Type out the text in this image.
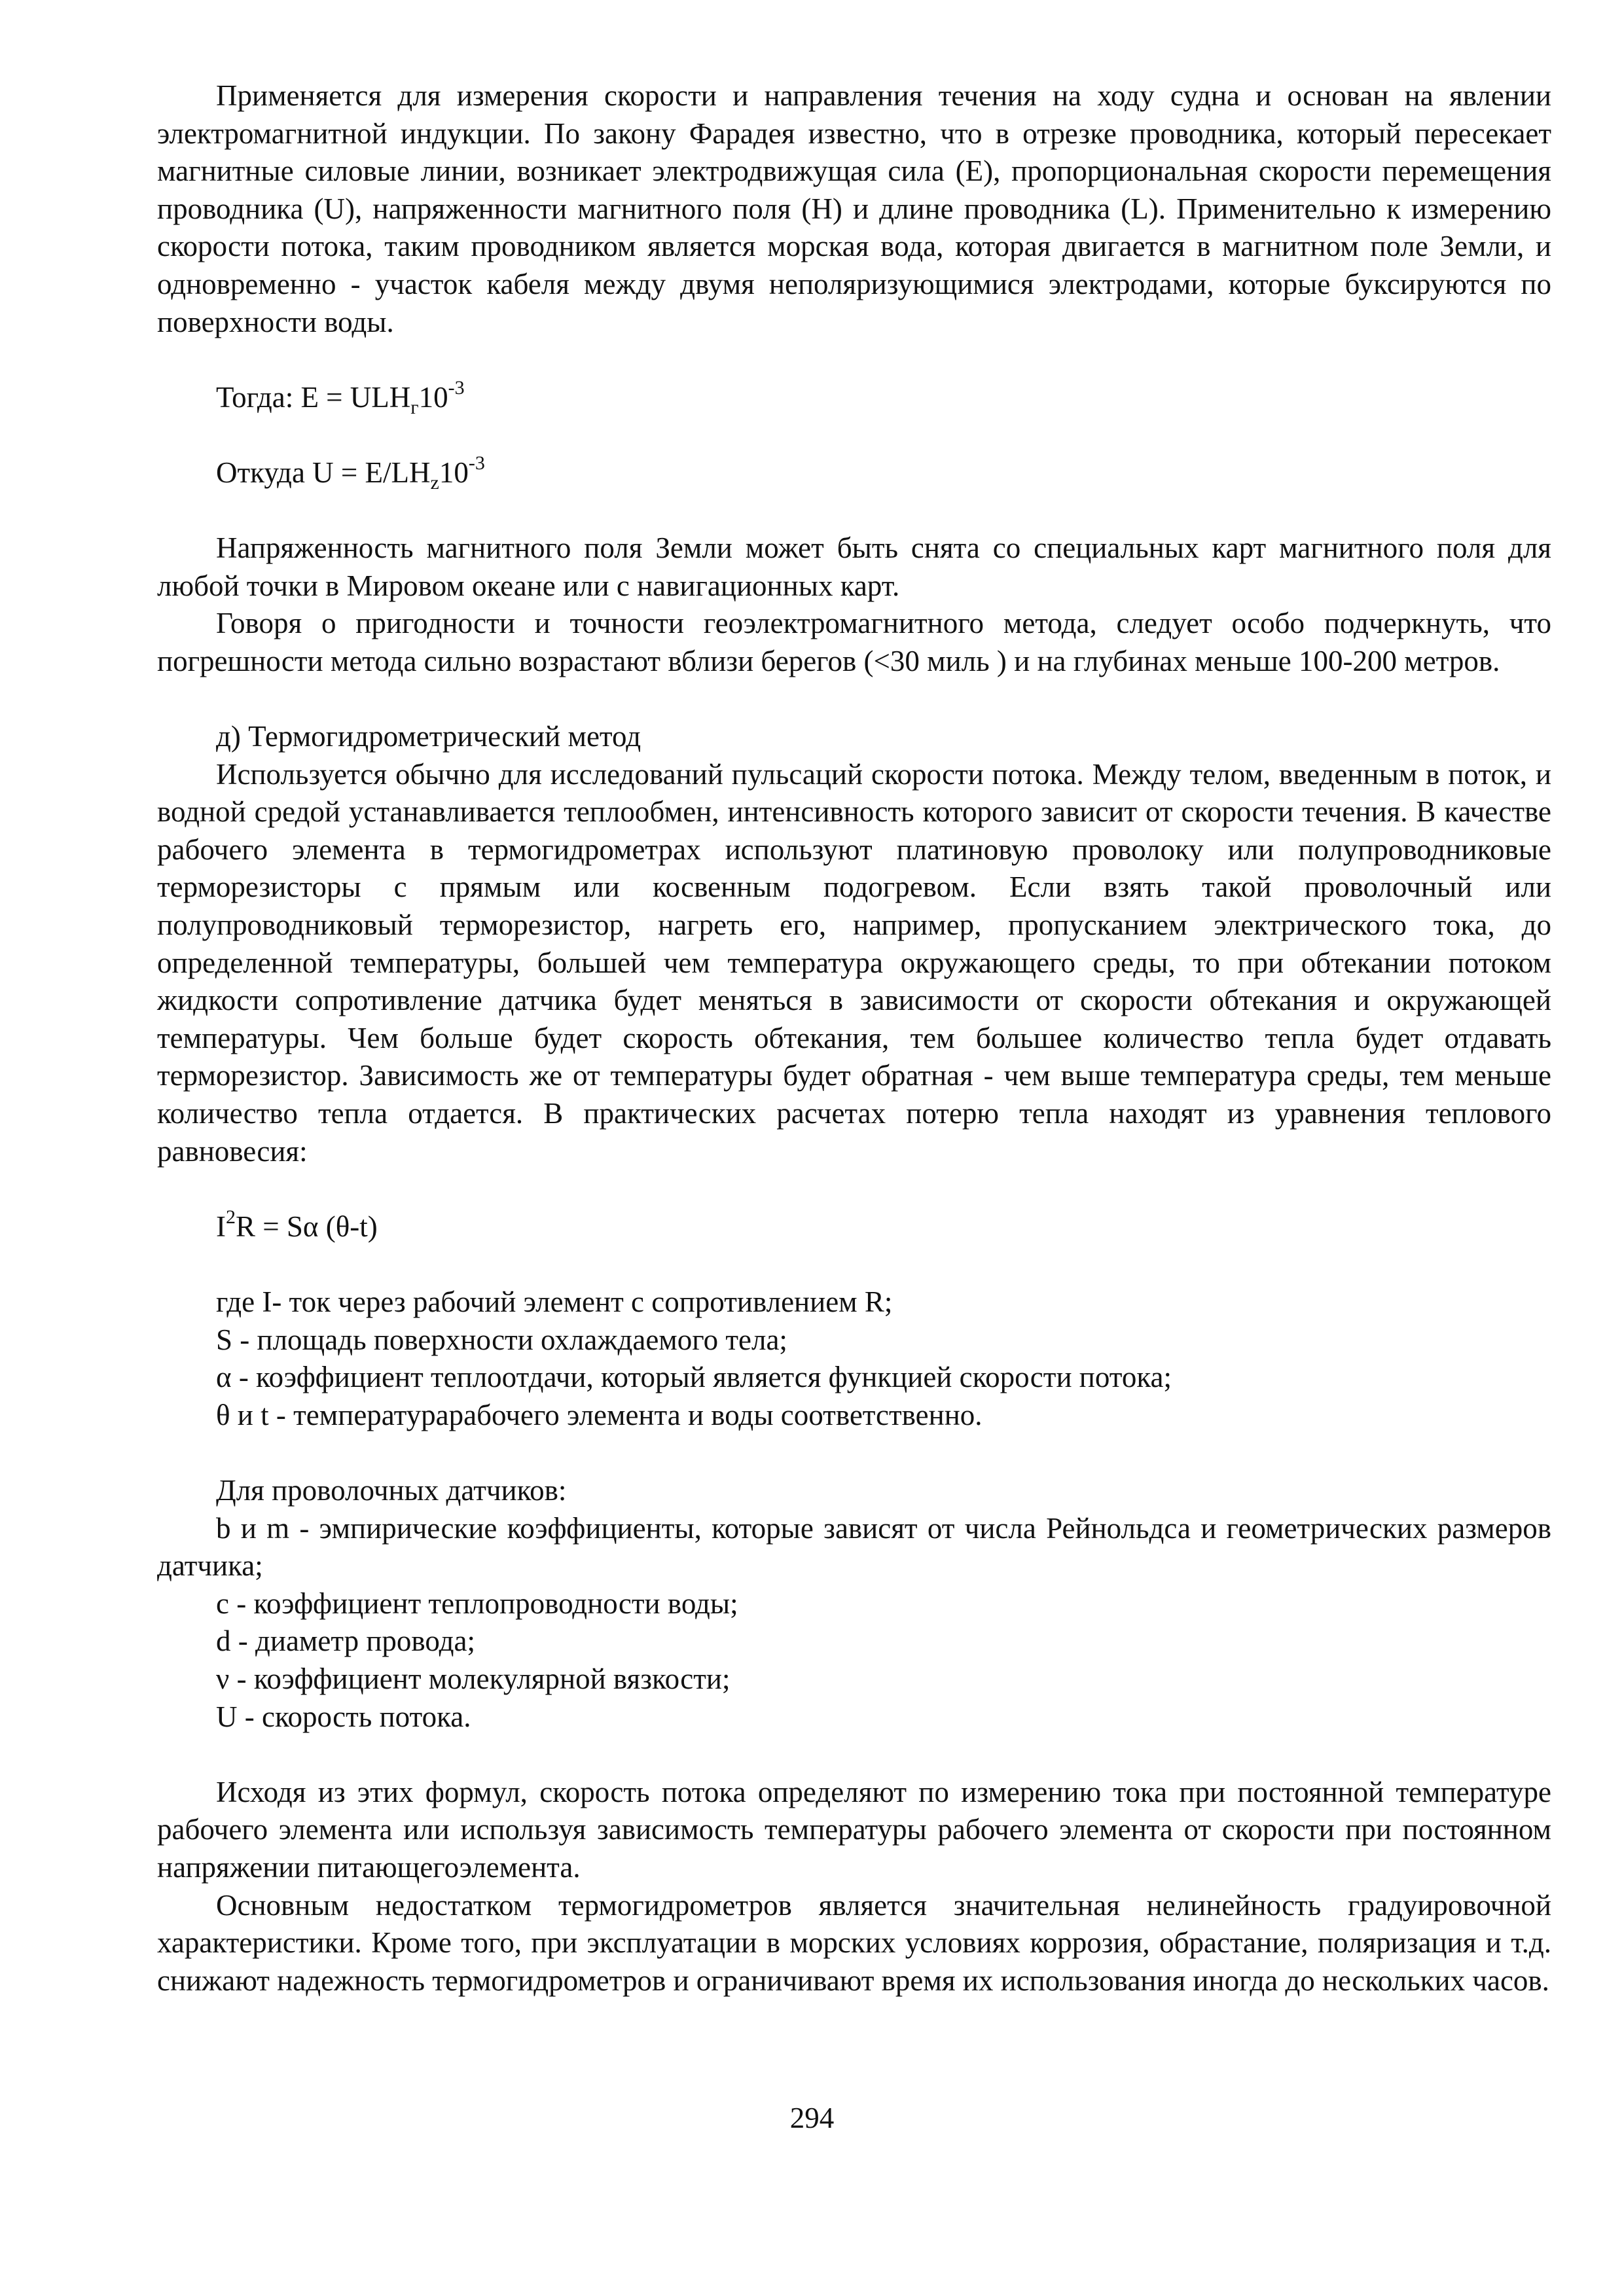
Применяется для измерения скорости и направления течения на ходу судна и основан на явлении электромагнитной индукции. По закону Фарадея известно, что в отрезке проводника, который пересекает магнитные силовые линии, возникает электродвижущая сила (Е), пропорциональная скорости перемещения проводника (U), напряженности магнитного поля (Н) и длине проводника (L). Применительно к измерению скорости потока, таким проводником является морская вода, которая двигается в магнитном поле Земли, и одновременно - участок кабеля между двумя неполяризующимися электродами, которые буксируются по поверхности воды.

Тогда: $Е = ULH_г10^{-3}$

Откуда $U = E/LH_z10^{-3}$

Напряженность магнитного поля Земли может быть снята со специальных карт магнитного поля для любой точки в Мировом океане или с навигационных карт.

Говоря о пригодности и точности геоэлектромагнитного метода, следует особо подчеркнуть, что погрешности метода сильно возрастают вблизи берегов (<30 миль ) и на глубинах меньше 100-200 метров.

д) Термогидрометрический метод

Используется обычно для исследований пульсаций скорости потока. Между телом, введенным в поток, и водной средой устанавливается теплообмен, интенсивность которого зависит от скорости течения. В качестве рабочего элемента в термогидрометрах используют платиновую проволоку или полупроводниковые терморезисторы с прямым или косвенным подогревом. Если взять такой проволочный или полупроводниковый терморезистор, нагреть его, например, пропусканием электрического тока, до определенной температуры, большей чем температура окружающего среды, то при обтекании потоком жидкости сопротивление датчика будет меняться в зависимости от скорости обтекания и окружающей температуры. Чем больше будет скорость обтекания, тем большее количество тепла будет отдавать терморезистор. Зависимость же от температуры будет обратная - чем выше температура среды, тем меньше количество тепла отдается. В практических расчетах потерю тепла находят из уравнения теплового равновесия:

$I^2R = S\alpha$ (θ-t)

где I- ток через рабочий элемент с сопротивлением R;

S - площадь поверхности охлаждаемого тела;

α - коэффициент теплоотдачи, который является функцией скорости потока;

θ и t - температурарабочего элемента и воды соответственно.

Для проволочных датчиков:

b и m - эмпирические коэффициенты, которые зависят от числа Рейнольдса и геометрических размеров датчика;

с - коэффициент теплопроводности воды;

d - диаметр провода;

ν - коэффициент молекулярной вязкости;

U - скорость потока.

Исходя из этих формул, скорость потока определяют по измерению тока при постоянной температуре рабочего элемента или используя зависимость температуры рабочего элемента от скорости при постоянном напряжении питающегоэлемента.

Основным недостатком термогидрометров является значительная нелинейность градуировочной характеристики. Кроме того, при эксплуатации в морских условиях коррозия, обрастание, поляризация и т.д. снижают надежность термогидрометров и ограничивают время их использования иногда до нескольких часов.

294
